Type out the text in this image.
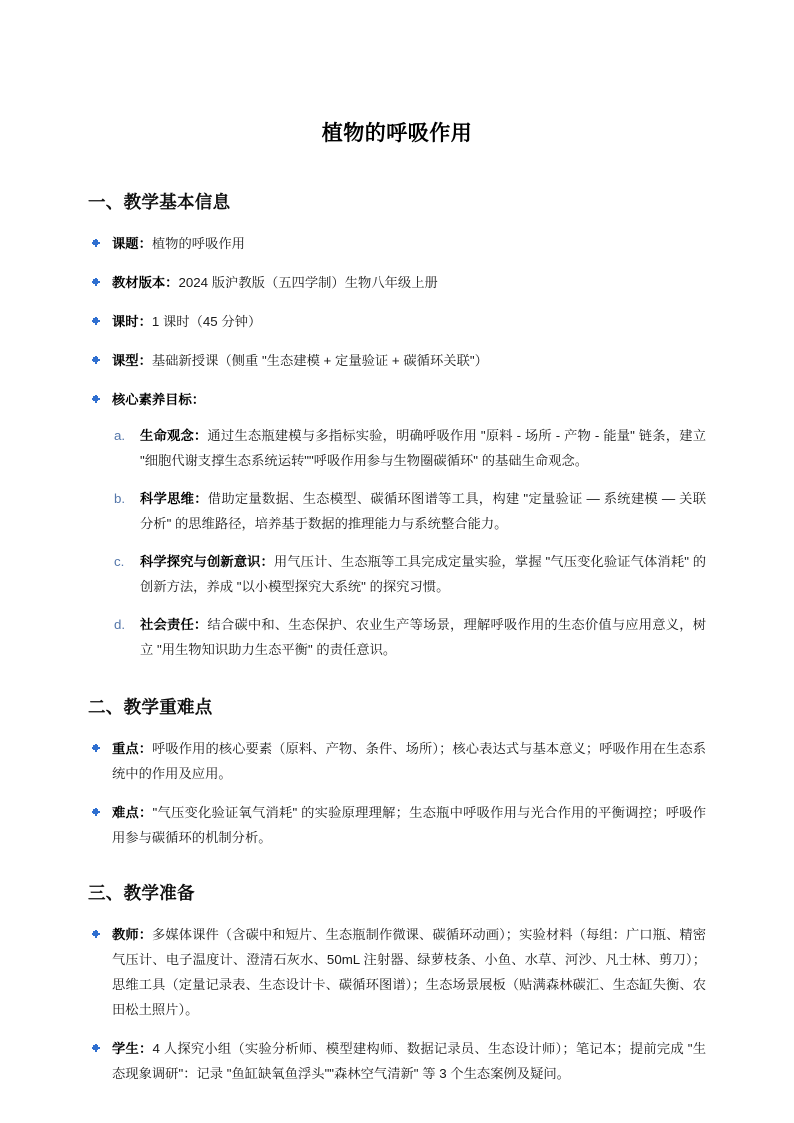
植物的呼吸作用
一、教学基本信息
课题：植物的呼吸作用
教材版本：2024 版沪教版（五四学制）生物八年级上册
课时：1 课时（45 分钟）
课型：基础新授课（侧重 "生态建模 + 定量验证 + 碳循环关联"）
核心素养目标：
a.	生命观念：通过生态瓶建模与多指标实验，明确呼吸作用 "原料 - 场所 - 产物 - 能量" 链条，建立 "细胞代谢支撑生态系统运转""呼吸作用参与生物圈碳循环" 的基础生命观念。
b.	科学思维：借助定量数据、生态模型、碳循环图谱等工具，构建 "定量验证 — 系统建模 — 关联分析" 的思维路径，培养基于数据的推理能力与系统整合能力。
c.	科学探究与创新意识：用气压计、生态瓶等工具完成定量实验，掌握 "气压变化验证气体消耗" 的创新方法，养成 "以小模型探究大系统" 的探究习惯。
d.	社会责任：结合碳中和、生态保护、农业生产等场景，理解呼吸作用的生态价值与应用意义，树立 "用生物知识助力生态平衡" 的责任意识。
二、教学重难点
重点：呼吸作用的核心要素（原料、产物、条件、场所）；核心表达式与基本意义；呼吸作用在生态系统中的作用及应用。
难点："气压变化验证氧气消耗" 的实验原理理解；生态瓶中呼吸作用与光合作用的平衡调控；呼吸作用参与碳循环的机制分析。
三、教学准备
教师：多媒体课件（含碳中和短片、生态瓶制作微课、碳循环动画）；实验材料（每组：广口瓶、精密气压计、电子温度计、澄清石灰水、50mL 注射器、绿萝枝条、小鱼、水草、河沙、凡士林、剪刀）；思维工具（定量记录表、生态设计卡、碳循环图谱）；生态场景展板（贴满森林碳汇、生态缸失衡、农田松土照片）。
学生：4 人探究小组（实验分析师、模型建构师、数据记录员、生态设计师）；笔记本；提前完成 "生态现象调研"：记录 "鱼缸缺氧鱼浮头""森林空气清新" 等 3 个生态案例及疑问。
